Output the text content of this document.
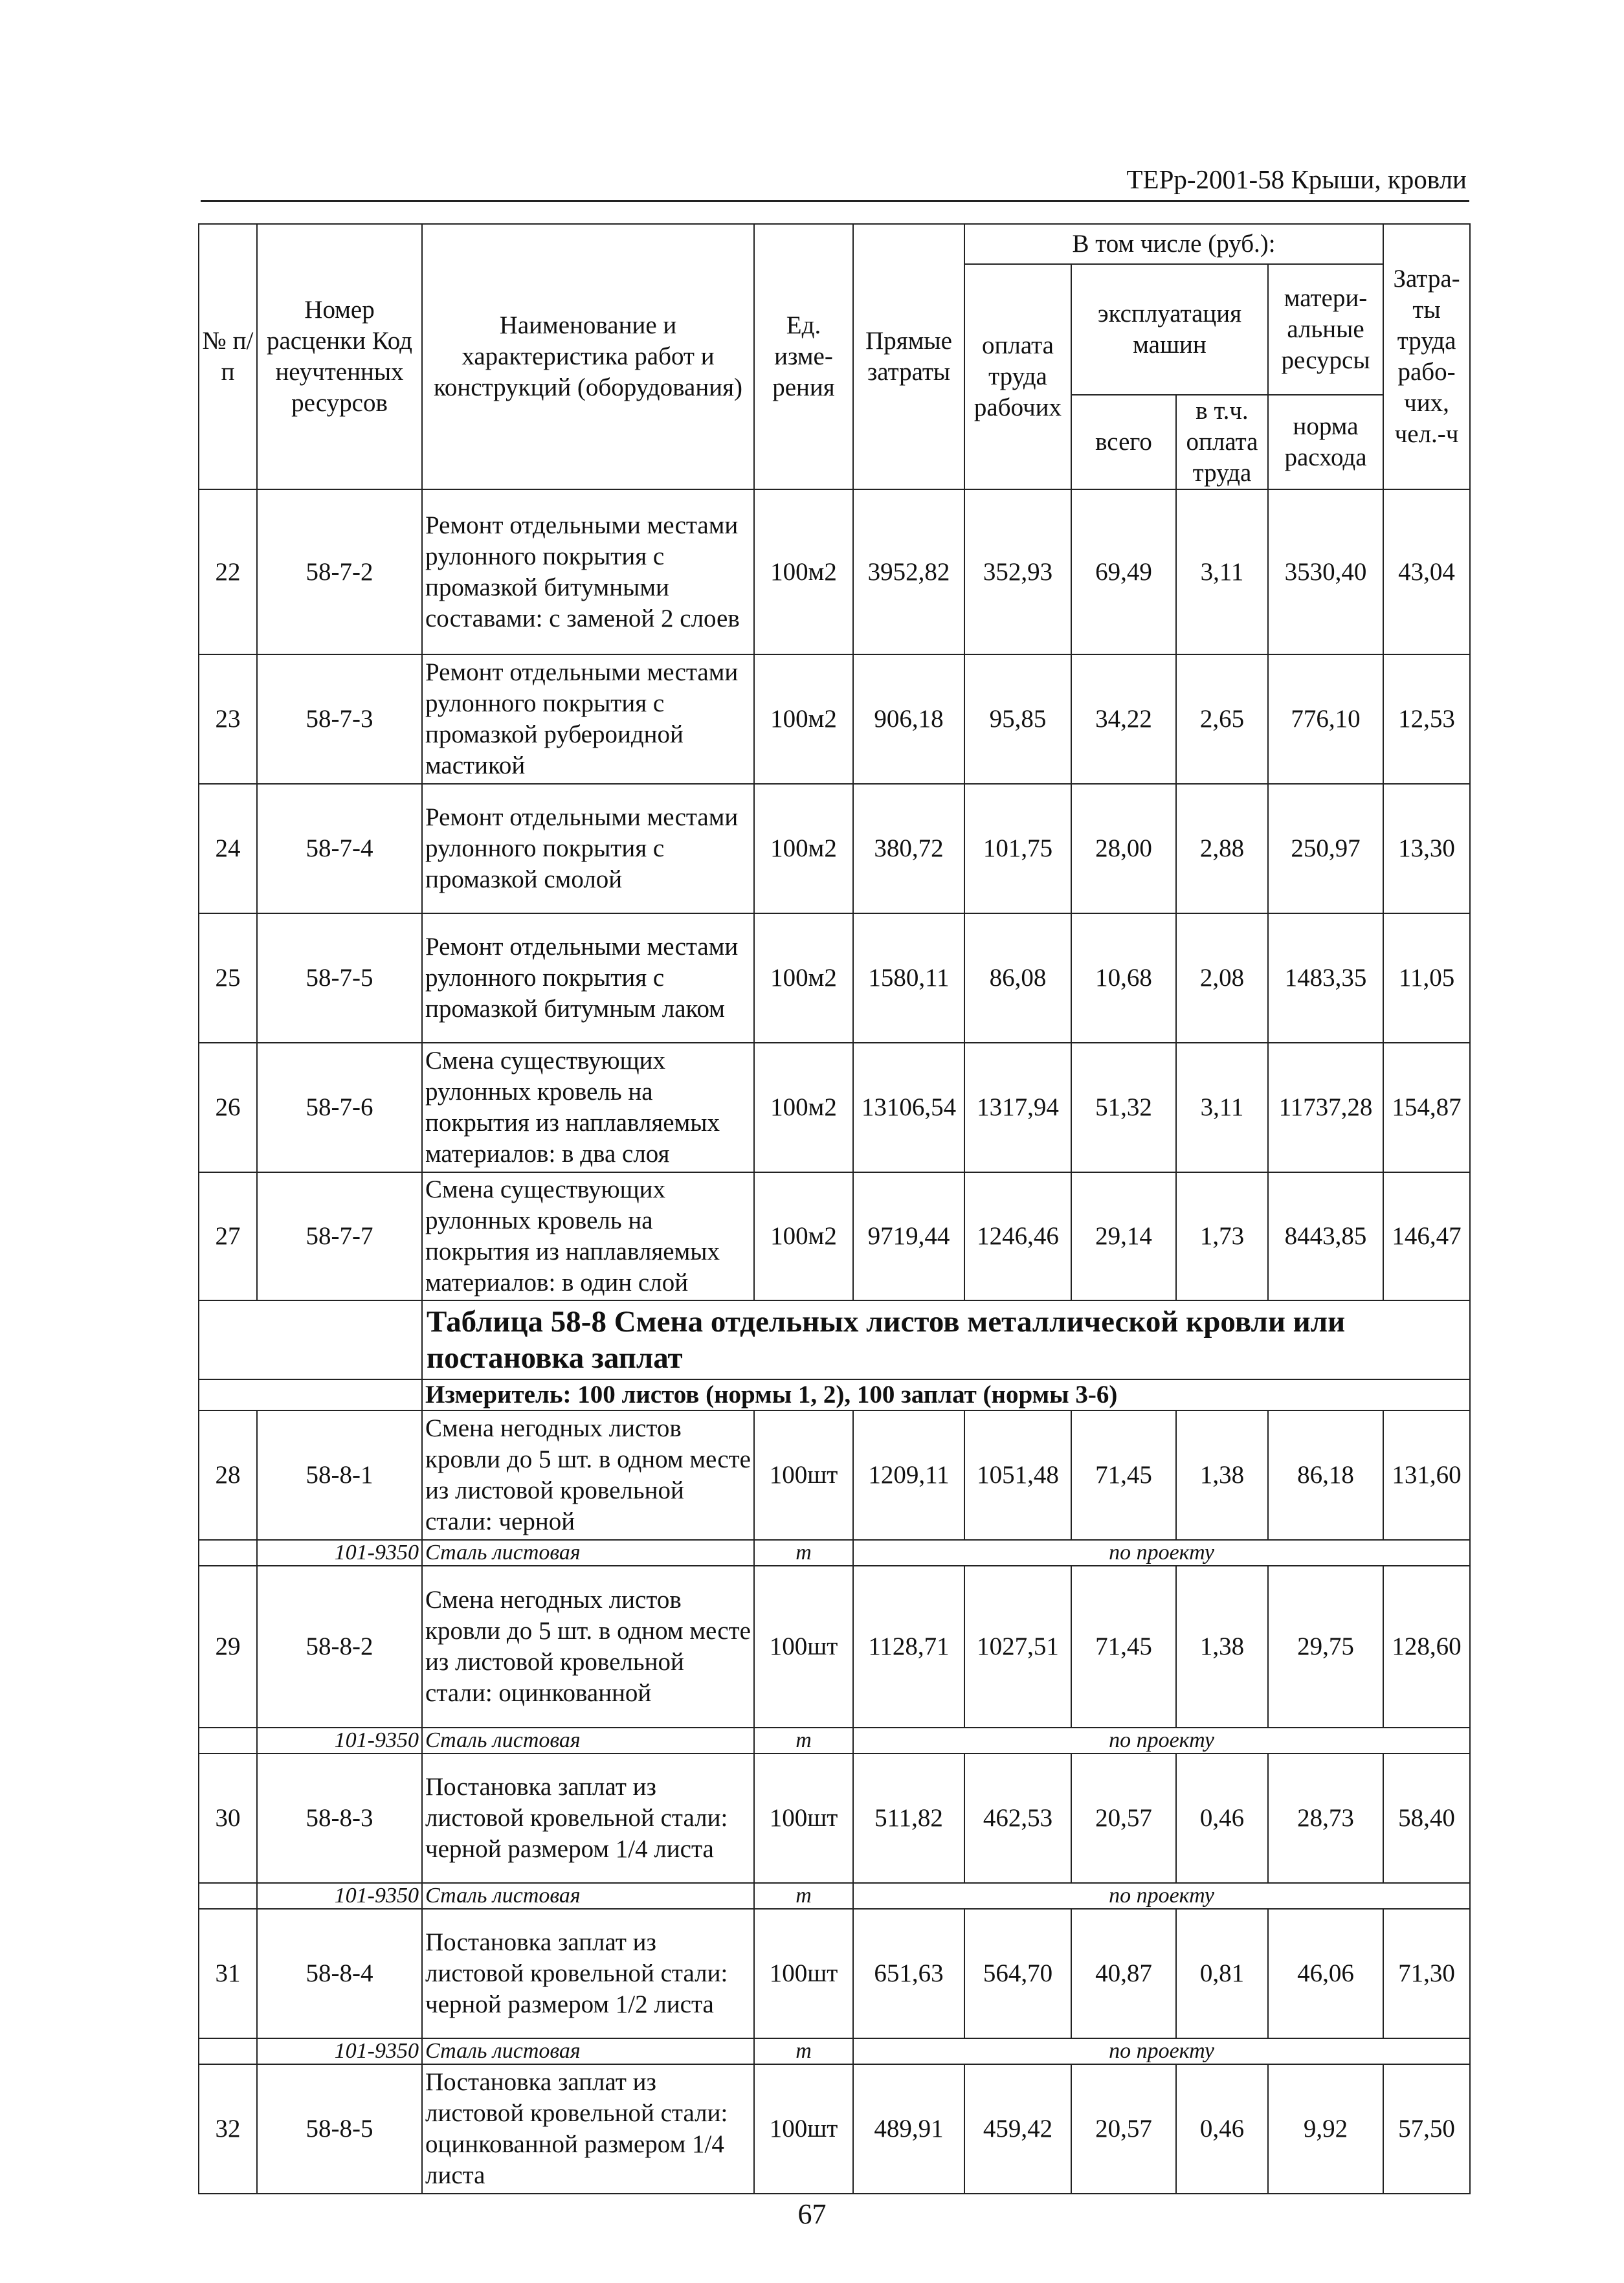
ТЕРр-2001-58 Крыши, кровли
№ п/п	Номер расценки Код неучтенных ресурсов	Наименование и характеристика работ и конструкций (оборудования)	Ед. изме- рения	Прямые затраты	В том числе (руб.):				Затра- ты труда рабо- чих, чел.-ч
					оплата труда рабочих	эксплуатация машин		матери- альные ресурсы	
						всего	в т.ч. оплата труда	норма расхода	

22	58-7-2	Ремонт отдельными местами рулонного покрытия с промазкой битумными составами: с заменой 2 слоев	100м2	3952,82	352,93	69,49	3,11	3530,40	43,04
23	58-7-3	Ремонт отдельными местами рулонного покрытия с промазкой рубероидной мастикой	100м2	906,18	95,85	34,22	2,65	776,10	12,53
24	58-7-4	Ремонт отдельными местами рулонного покрытия с промазкой смолой	100м2	380,72	101,75	28,00	2,88	250,97	13,30
25	58-7-5	Ремонт отдельными местами рулонного покрытия с промазкой битумным лаком	100м2	1580,11	86,08	10,68	2,08	1483,35	11,05
26	58-7-6	Смена существующих рулонных кровель на покрытия из наплавляемых материалов: в два слоя	100м2	13106,54	1317,94	51,32	3,11	11737,28	154,87
27	58-7-7	Смена существующих рулонных кровель на покрытия из наплавляемых материалов: в один слой	100м2	9719,44	1246,46	29,14	1,73	8443,85	146,47
		Таблица 58-8 Смена отдельных листов металлической кровли или постановка заплат							
		Измеритель: 100 листов (нормы 1, 2), 100 заплат (нормы 3-6)							
28	58-8-1	Смена негодных листов кровли до 5 шт. в одном месте из листовой кровельной стали: черной	100шт	1209,11	1051,48	71,45	1,38	86,18	131,60
	101-9350	Сталь листовая	т	по проекту					
29	58-8-2	Смена негодных листов кровли до 5 шт. в одном месте из листовой кровельной стали: оцинкованной	100шт	1128,71	1027,51	71,45	1,38	29,75	128,60
	101-9350	Сталь листовая	т	по проекту					
30	58-8-3	Постановка заплат из листовой кровельной стали: черной размером 1/4 листа	100шт	511,82	462,53	20,57	0,46	28,73	58,40
	101-9350	Сталь листовая	т	по проекту					
31	58-8-4	Постановка заплат из листовой кровельной стали: черной размером 1/2 листа	100шт	651,63	564,70	40,87	0,81	46,06	71,30
	101-9350	Сталь листовая	т	по проекту					
32	58-8-5	Постановка заплат из листовой кровельной стали: оцинкованной размером 1/4 листа	100шт	489,91	459,42	20,57	0,46	9,92	57,50
67
